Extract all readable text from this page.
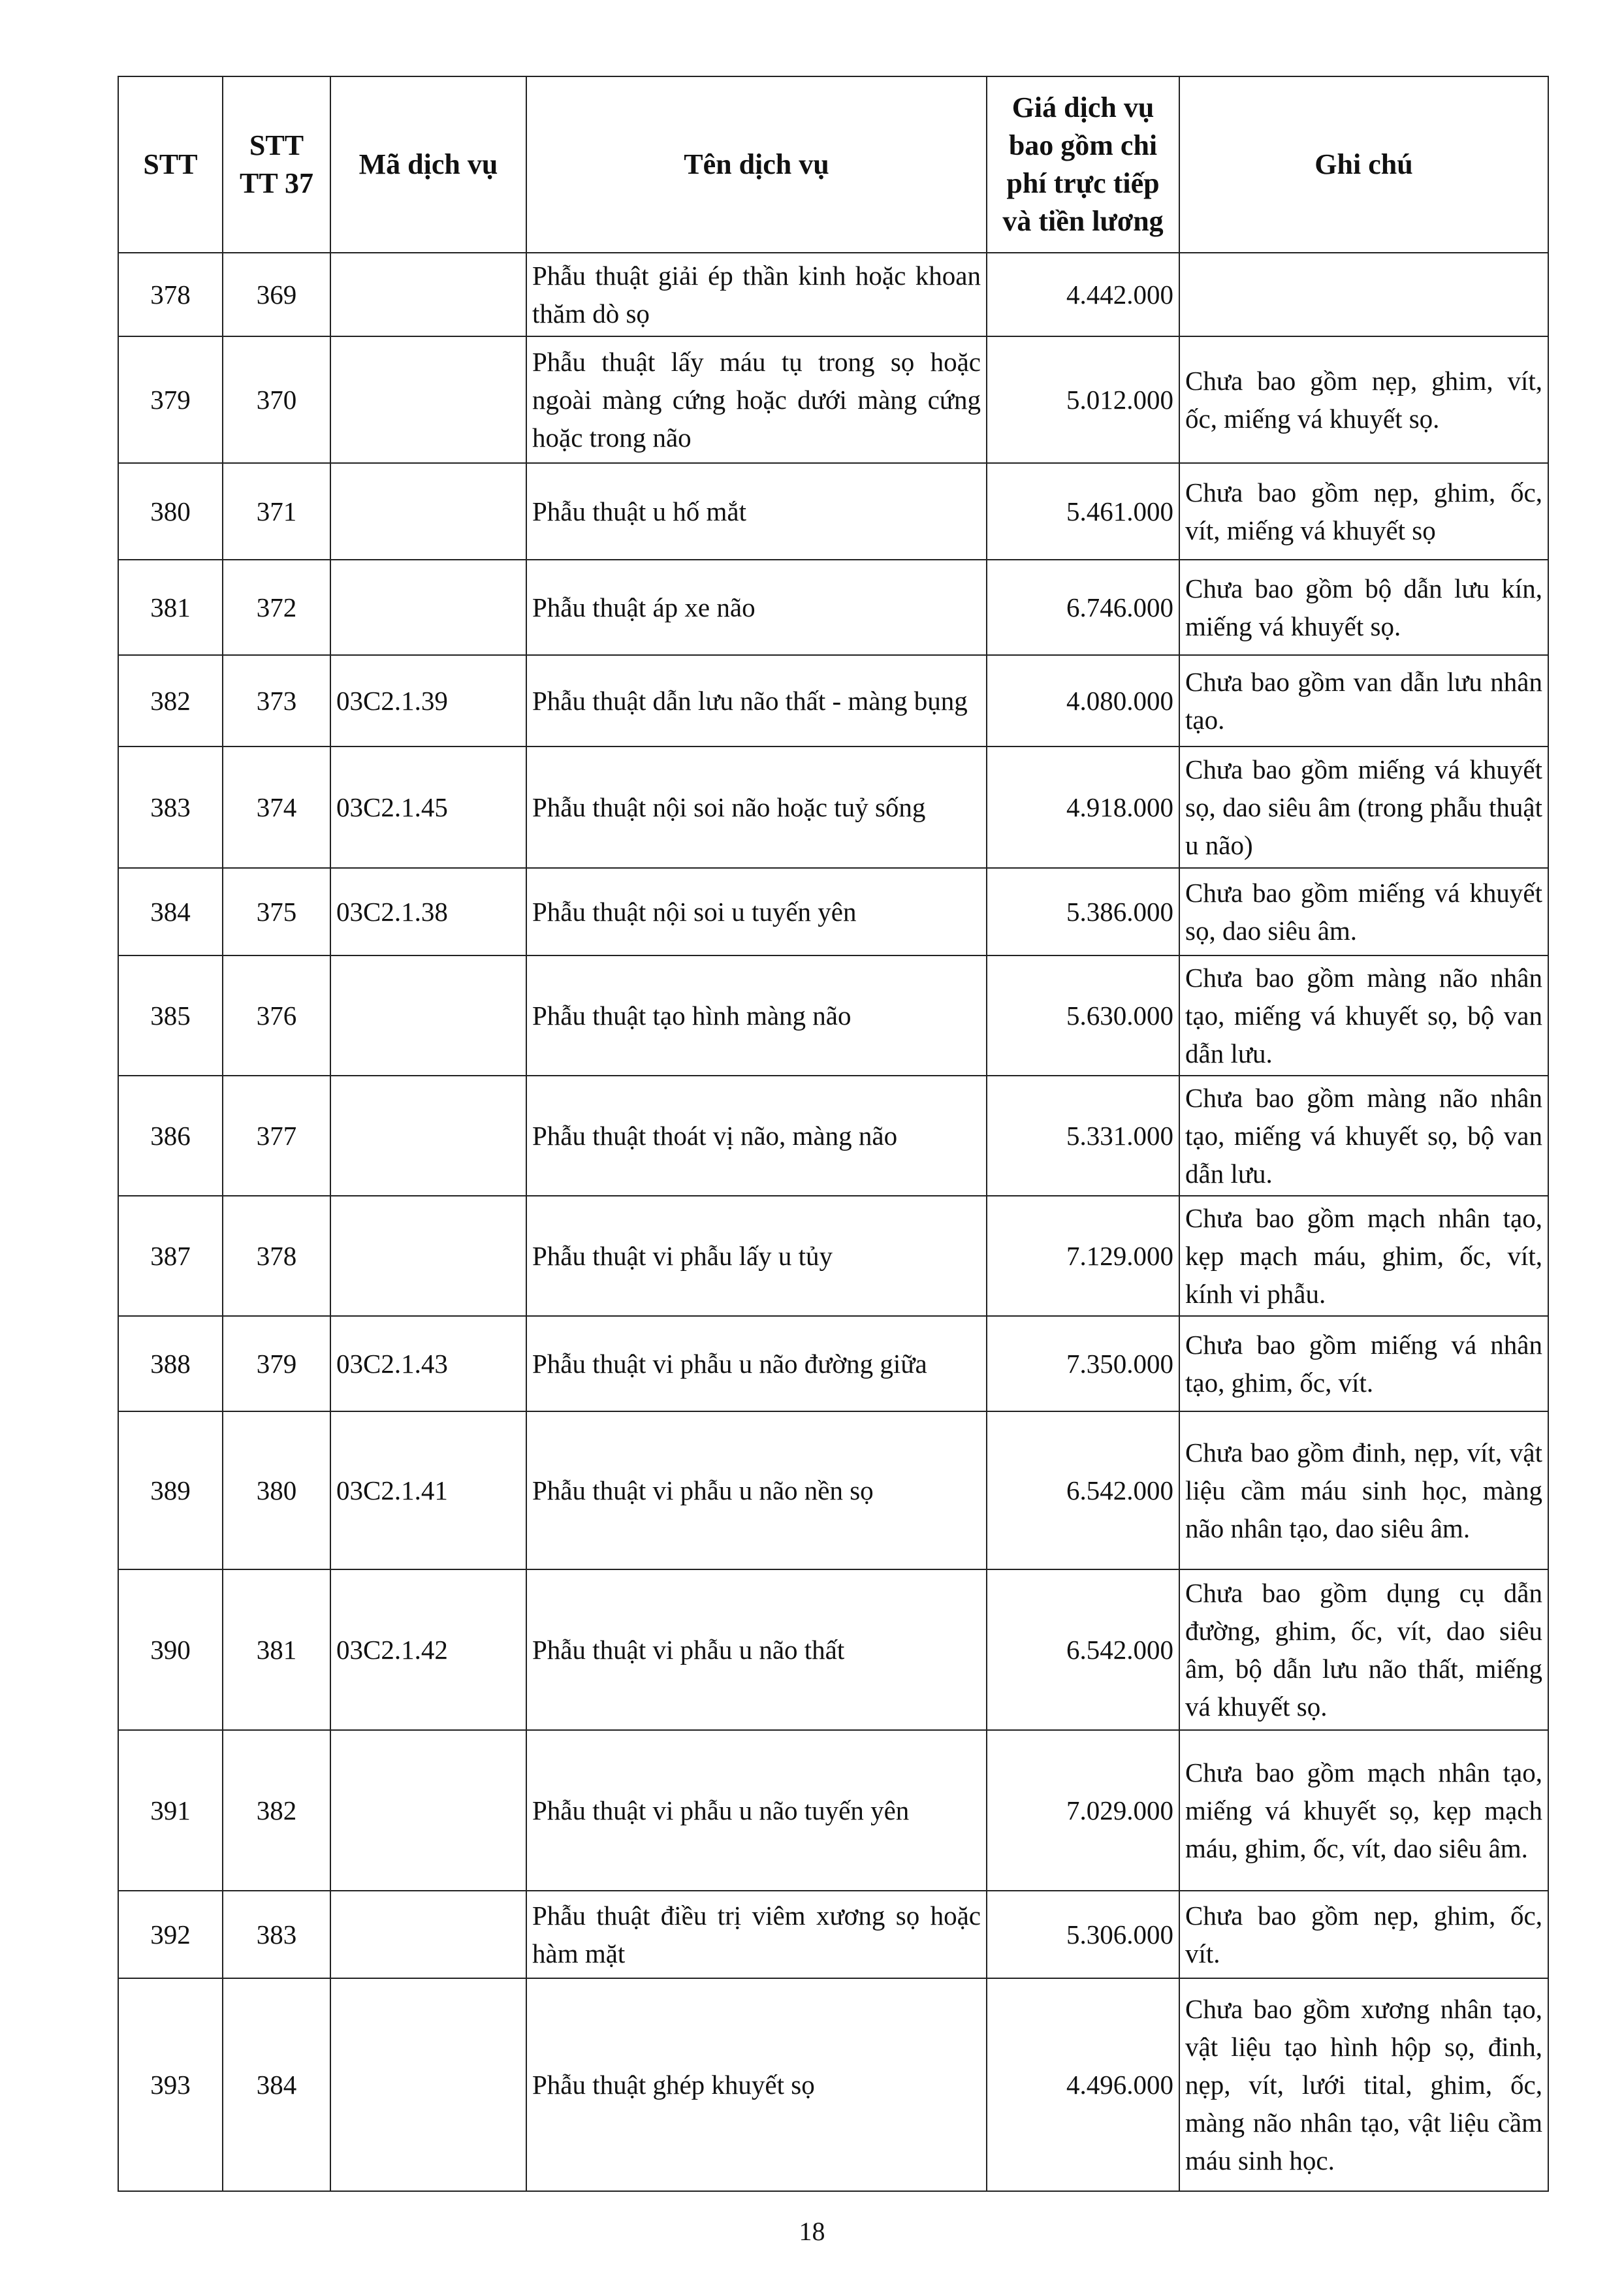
STT	STT TT 37	Mã dịch vụ	Tên dịch vụ	Giá dịch vụ bao gồm chi phí trực tiếp và tiền lương	Ghi chú
378	369		Phẫu thuật giải ép thần kinh hoặc khoan thăm dò sọ	4.442.000	
379	370		Phẫu thuật lấy máu tụ trong sọ hoặc ngoài màng cứng hoặc dưới màng cứng hoặc trong não	5.012.000	Chưa bao gồm nẹp, ghim, vít, ốc, miếng vá khuyết sọ.
380	371		Phẫu thuật u hố mắt	5.461.000	Chưa bao gồm nẹp, ghim, ốc, vít, miếng vá khuyết sọ
381	372		Phẫu thuật áp xe não	6.746.000	Chưa bao gồm bộ dẫn lưu kín, miếng vá khuyết sọ.
382	373	03C2.1.39	Phẫu thuật dẫn lưu não thất - màng bụng	4.080.000	Chưa bao gồm van dẫn lưu nhân tạo.
383	374	03C2.1.45	Phẫu thuật nội soi não hoặc tuỷ sống	4.918.000	Chưa bao gồm miếng vá khuyết sọ, dao siêu âm (trong phẫu thuật u não)
384	375	03C2.1.38	Phẫu thuật nội soi u tuyến yên	5.386.000	Chưa bao gồm miếng vá khuyết sọ, dao siêu âm.
385	376		Phẫu thuật tạo hình màng não	5.630.000	Chưa bao gồm màng não nhân tạo, miếng vá khuyết sọ, bộ van dẫn lưu.
386	377		Phẫu thuật thoát vị não, màng não	5.331.000	Chưa bao gồm màng não nhân tạo, miếng vá khuyết sọ, bộ van dẫn lưu.
387	378		Phẫu thuật vi phẫu lấy u tủy	7.129.000	Chưa bao gồm mạch nhân tạo, kẹp mạch máu, ghim, ốc, vít, kính vi phẫu.
388	379	03C2.1.43	Phẫu thuật vi phẫu u não đường giữa	7.350.000	Chưa bao gồm miếng vá nhân tạo, ghim, ốc, vít.
389	380	03C2.1.41	Phẫu thuật vi phẫu u não nền sọ	6.542.000	Chưa bao gồm đinh, nẹp, vít, vật liệu cầm máu sinh học, màng não nhân tạo, dao siêu âm.
390	381	03C2.1.42	Phẫu thuật vi phẫu u não thất	6.542.000	Chưa bao gồm dụng cụ dẫn đường, ghim, ốc, vít, dao siêu âm, bộ dẫn lưu não thất, miếng vá khuyết sọ.
391	382		Phẫu thuật vi phẫu u não tuyến yên	7.029.000	Chưa bao gồm mạch nhân tạo, miếng vá khuyết sọ, kẹp mạch máu, ghim, ốc, vít, dao siêu âm.
392	383		Phẫu thuật điều trị viêm xương sọ hoặc hàm mặt	5.306.000	Chưa bao gồm nẹp, ghim, ốc, vít.
393	384		Phẫu thuật ghép khuyết sọ	4.496.000	Chưa bao gồm xương nhân tạo, vật liệu tạo hình hộp sọ, đinh, nẹp, vít, lưới tital, ghim, ốc, màng não nhân tạo, vật liệu cầm máu sinh học.
18
